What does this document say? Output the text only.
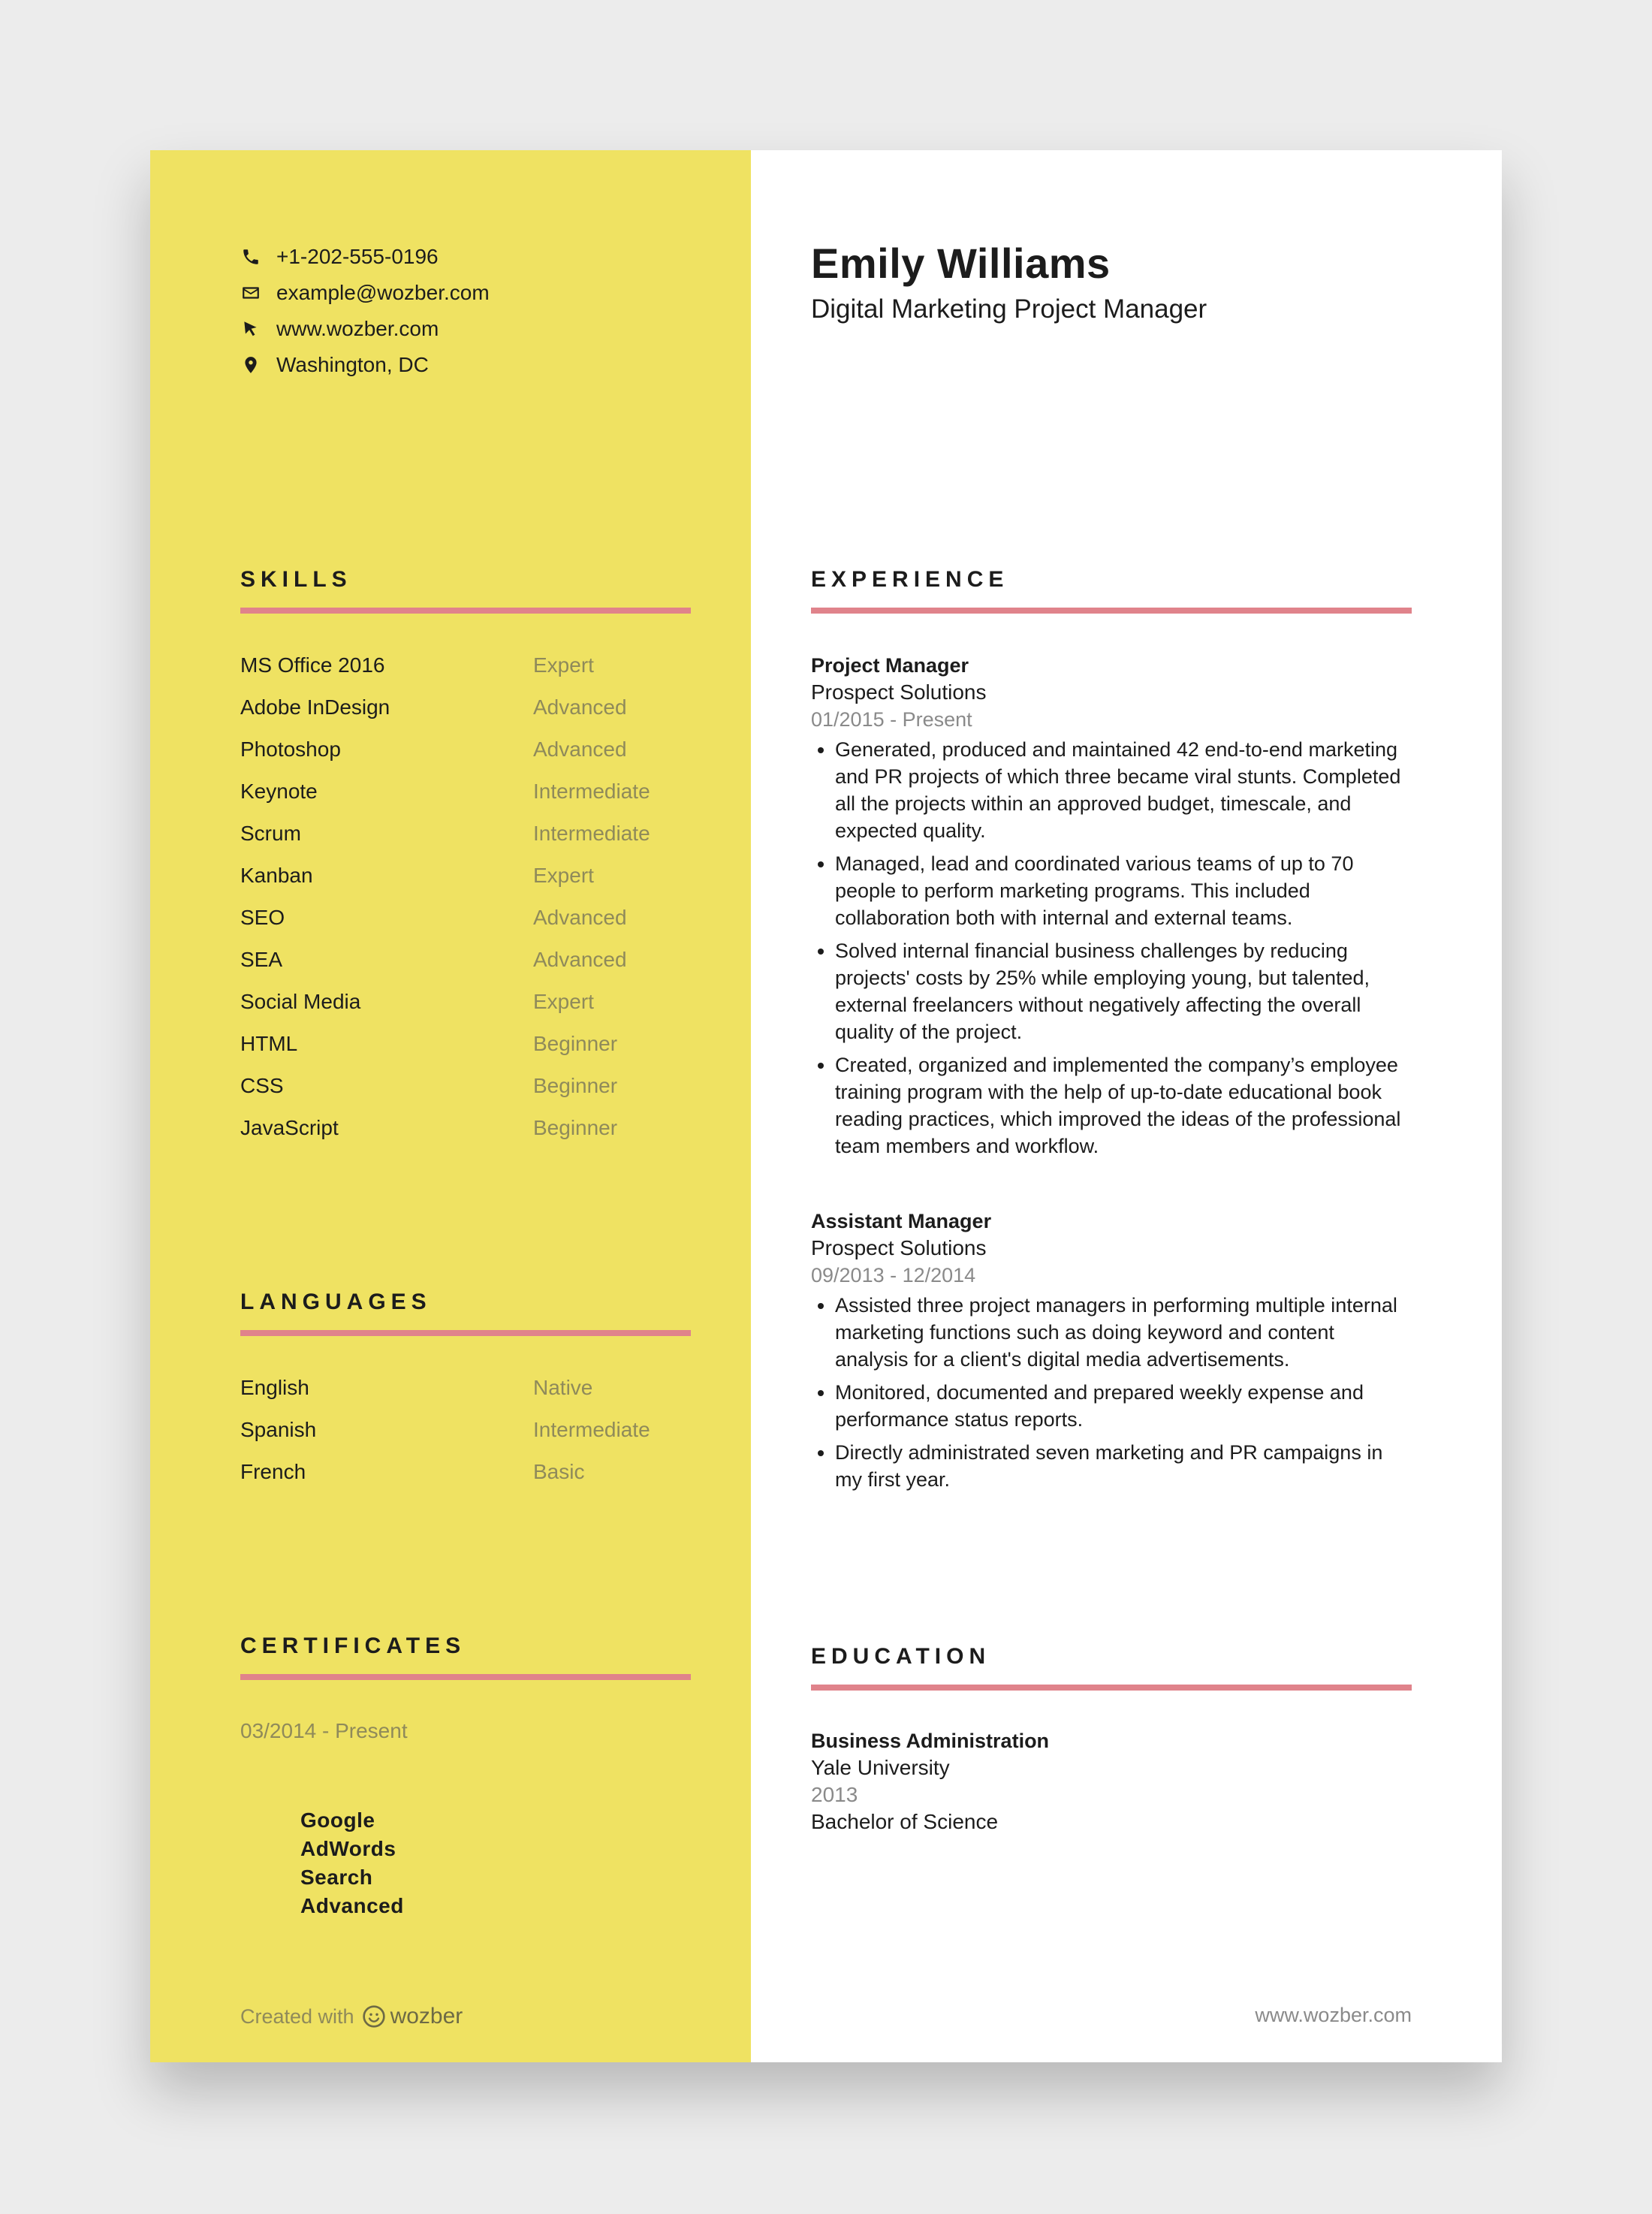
+1-202-555-0196
example@wozber.com
www.wozber.com
Washington, DC
SKILLS
MS Office 2016	Expert
Adobe InDesign	Advanced
Photoshop	Advanced
Keynote	Intermediate
Scrum	Intermediate
Kanban	Expert
SEO	Advanced
SEA	Advanced
Social Media	Expert
HTML	Beginner
CSS	Beginner
JavaScript	Beginner
LANGUAGES
English	Native
Spanish	Intermediate
French	Basic
CERTIFICATES
Google AdWords Search Advanced
03/2014 - Present
Created with wozber
Emily Williams
Digital Marketing Project Manager
EXPERIENCE
Project Manager
Prospect Solutions
01/2015 - Present
• Generated, produced and maintained 42 end-to-end marketing and PR projects of which three became viral stunts. Completed all the projects within an approved budget, timescale, and expected quality.
• Managed, lead and coordinated various teams of up to 70 people to perform marketing programs. This included collaboration both with internal and external teams.
• Solved internal financial business challenges by reducing projects' costs by 25% while employing young, but talented, external freelancers without negatively affecting the overall quality of the project.
• Created, organized and implemented the company’s employee training program with the help of up-to-date educational book reading practices, which improved the ideas of the professional team members and workflow.
Assistant Manager
Prospect Solutions
09/2013 - 12/2014
• Assisted three project managers in performing multiple internal marketing functions such as doing keyword and content analysis for a client's digital media advertisements.
• Monitored, documented and prepared weekly expense and performance status reports.
• Directly administrated seven marketing and PR campaigns in my first year.
EDUCATION
Business Administration
Yale University
2013
Bachelor of Science
www.wozber.com
